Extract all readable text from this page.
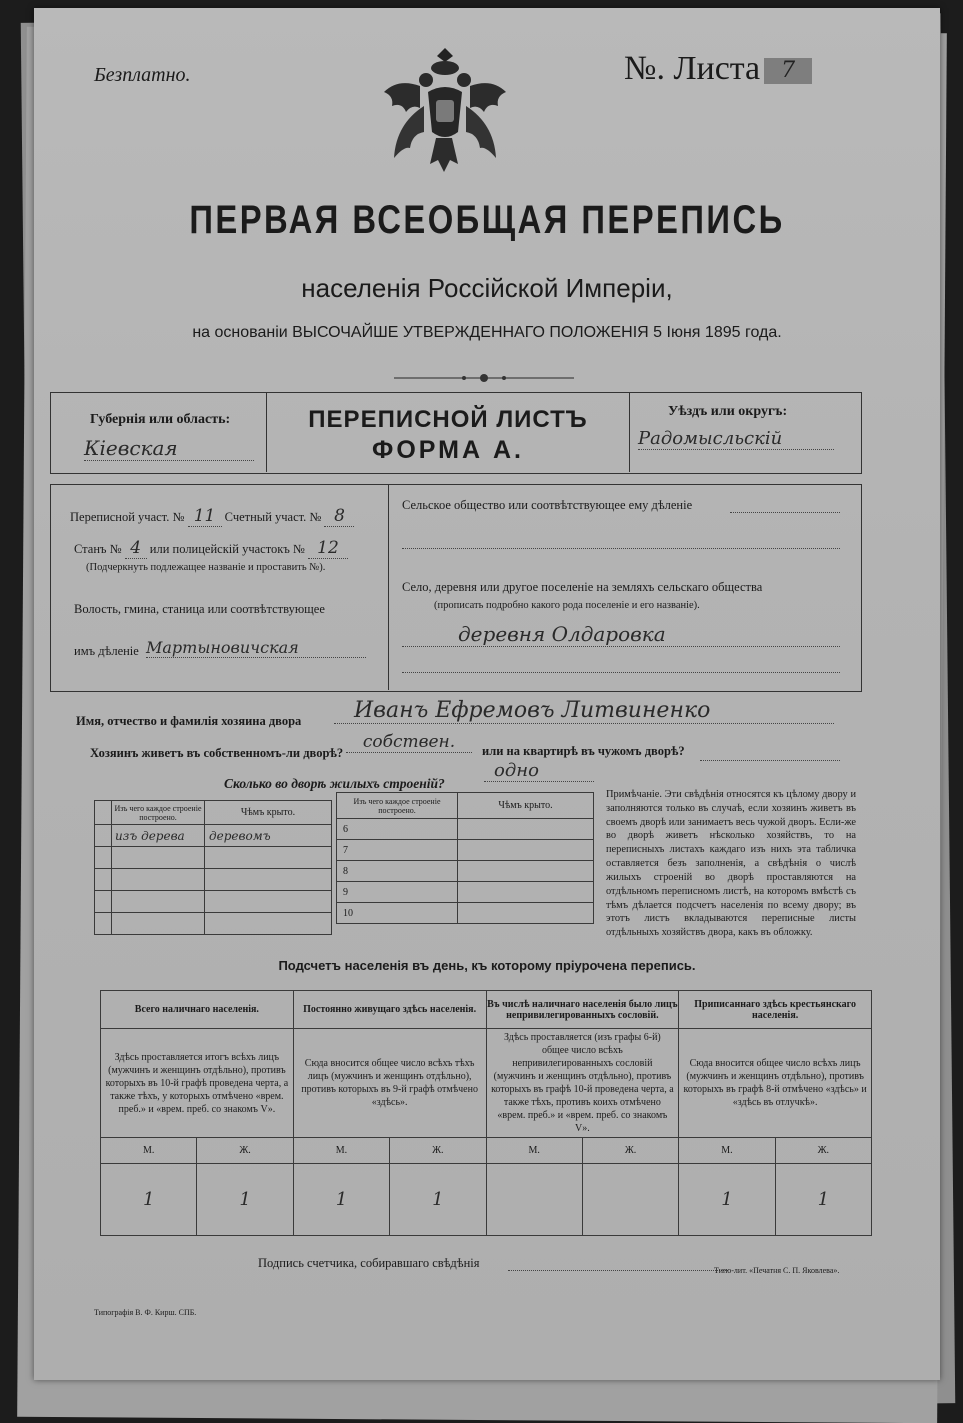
Безплатно.	№. Листа 7
ПЕРВАЯ ВСЕОБЩАЯ ПЕРЕПИСЬ
населенія Россійской Имперіи,
на основаніи ВЫСОЧАЙШЕ УТВЕРЖДЕННАГО ПОЛОЖЕНІЯ 5 Іюня 1895 года.
ПЕРЕПИСНОЙ ЛИСТЪ
ФОРМА А.
Губернія или область:
Кіевская
Уѣздъ или округъ:
Радомысльскій
Переписной участ. № 11 Счетный участ. № 8
Станъ № 4 или полицейскій участокъ № 12
(Подчеркнуть подлежащее названіе и проставить №).
Волость, гмина, станица или соотвѣтствующее
имъ дѣленіе Мартыновичская
Сельское общество или соотвѣтствующее ему дѣленіе
Село, деревня или другое поселеніе на земляхъ сельскаго общества
(прописать подробно какого рода поселеніе и его названіе).
деревня Олдаровка
Имя, отчество и фамилія хозяина двора	Иванъ Ефремовъ Литвиненко
Хозяинъ живетъ въ собственномъ-ли дворѣ?
собствен.	или на квартирѣ въ чужомъ дворѣ?
Сколько во дворѣ жилыхъ строеній?
одно
	Изъ чего каждое строеніе построено.	Чѣмъ крыто.
	изъ дерева	деревомъ

Изъ чего каждое строеніе построено.	Чѣмъ крыто.
6	
7	
8	
9	
10	
Примѣчаніе. Эти свѣдѣнія относятся къ цѣлому двору и заполняются только въ случаѣ, если хозяинъ живетъ въ своемъ дворѣ или занимаетъ весь чужой дворъ. Если-же во дворѣ живетъ нѣсколько хозяйствъ, то на переписныхъ листахъ каждаго изъ нихъ эта табличка оставляется безъ заполненія, а свѣдѣнія о числѣ жилыхъ строеній во дворѣ проставляются на отдѣльномъ переписномъ листѣ, на которомъ вмѣстѣ съ тѣмъ дѣлается подсчетъ населенія по всему двору; въ этотъ листъ вкладываются переписные листы отдѣльныхъ хозяйствъ двора, какъ въ обложку.
Подсчетъ населенія въ день, къ которому пріурочена перепись.
Всего наличнаго населенія.		Постоянно живущаго здѣсь населенія.		Въ числѣ наличнаго населенія было лицъ непривилегированныхъ сословій.		Приписаннаго здѣсь крестьянскаго населенія.	
Здѣсь проставляется итогъ всѣхъ лицъ (мужчинъ и женщинъ отдѣльно), противъ которыхъ въ 10-й графѣ проведена черта, а также тѣхъ, у которыхъ отмѣчено «врем. преб.» и «врем. преб. со знакомъ V».		Сюда вносится общее число всѣхъ тѣхъ лицъ (мужчинъ и женщинъ отдѣльно), противъ которыхъ въ 9-й графѣ отмѣчено «здѣсь».		Здѣсь проставляется (изъ графы 6-й) общее число всѣхъ непривилегированныхъ сословій (мужчинъ и женщинъ отдѣльно), противъ которыхъ въ графѣ 10-й проведена черта, а также тѣхъ, противъ коихъ отмѣчено «врем. преб.» и «врем. преб. со знакомъ V».		Сюда вносится общее число всѣхъ лицъ (мужчинъ и женщинъ отдѣльно), противъ которыхъ въ графѣ 8-й отмѣчено «здѣсь» и «здѣсь въ отлучкѣ».	
М.	Ж.	М.	Ж.	М.	Ж.	М.	Ж.
1	1	1	1			1	1
Подпись счетчика, собиравшаго свѣдѣнія
Типографія В. Ф. Кирш. СПБ.
Типо-лит. «Печатня С. П. Яковлева».
